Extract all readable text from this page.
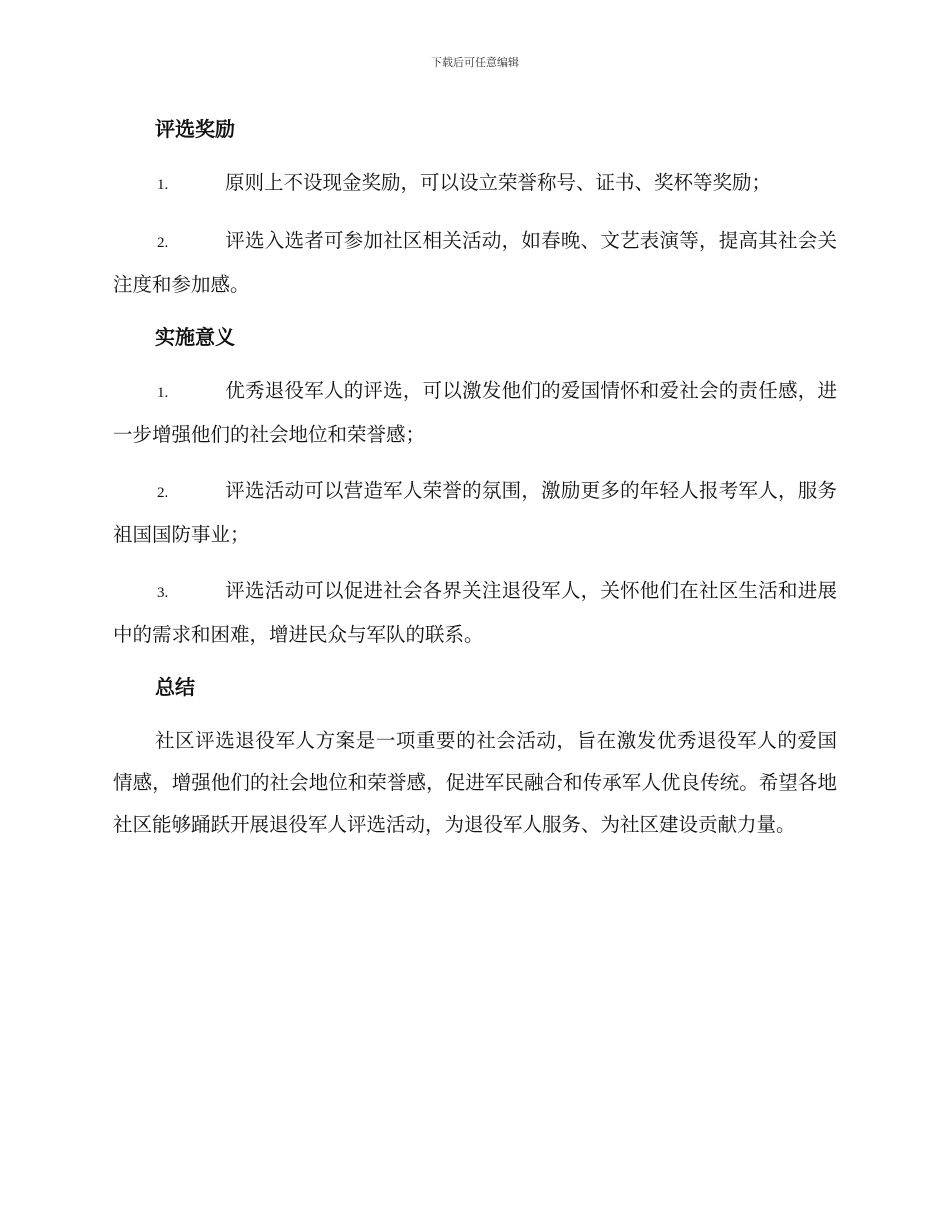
下载后可任意编辑
评选奖励
1.	原则上不设现金奖励，可以设立荣誉称号、证书、奖杯等奖励；
2.	评选入选者可参加社区相关活动，如春晚、文艺表演等，提高其社会关注度和参加感。
实施意义
1.	优秀退役军人的评选，可以激发他们的爱国情怀和爱社会的责任感，进一步增强他们的社会地位和荣誉感；
2.	评选活动可以营造军人荣誉的氛围，激励更多的年轻人报考军人，服务祖国国防事业；
3.	评选活动可以促进社会各界关注退役军人，关怀他们在社区生活和进展中的需求和困难，增进民众与军队的联系。
总结

社区评选退役军人方案是一项重要的社会活动，旨在激发优秀退役军人的爱国情感，增强他们的社会地位和荣誉感，促进军民融合和传承军人优良传统。希望各地社区能够踊跃开展退役军人评选活动，为退役军人服务、为社区建设贡献力量。
